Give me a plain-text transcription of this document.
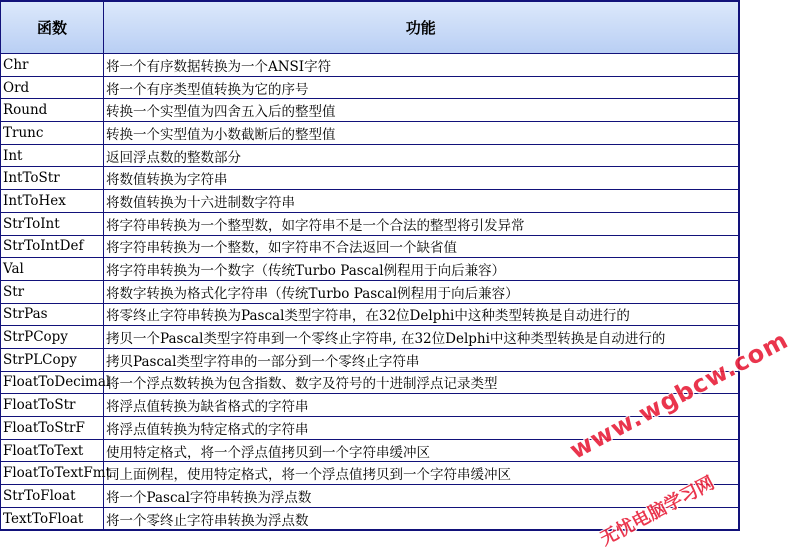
函数	功能
Chr	将一个有序数据转换为一个ANSI字符
Ord	将一个有序类型值转换为它的序号
Round	转换一个实型值为四舍五入后的整型值
Trunc	转换一个实型值为小数截断后的整型值
Int	返回浮点数的整数部分
IntToStr	将数值转换为字符串
IntToHex	将数值转换为十六进制数字符串
StrToInt	将字符串转换为一个整型数，如字符串不是一个合法的整型将引发异常
StrToIntDef	将字符串转换为一个整数，如字符串不合法返回一个缺省值
Val	将字符串转换为一个数字（传统Turbo Pascal例程用于向后兼容）
Str	将数字转换为格式化字符串（传统Turbo Pascal例程用于向后兼容）
StrPas	将零终止字符串转换为Pascal类型字符串，在32位Delphi中这种类型转换是自动进行的
StrPCopy	拷贝一个Pascal类型字符串到一个零终止字符串, 在32位Delphi中这种类型转换是自动进行的
StrPLCopy	拷贝Pascal类型字符串的一部分到一个零终止字符串
FloatToDecimal	将一个浮点数转换为包含指数、数字及符号的十进制浮点记录类型
FloatToStr	将浮点值转换为缺省格式的字符串
FloatToStrF	将浮点值转换为特定格式的字符串
FloatToText	使用特定格式，将一个浮点值拷贝到一个字符串缓冲区
FloatToTextFmt	同上面例程，使用特定格式，将一个浮点值拷贝到一个字符串缓冲区
StrToFloat	将一个Pascal字符串转换为浮点数
TextToFloat	将一个零终止字符串转换为浮点数
www.wgbcw.com
无忧电脑学习网
